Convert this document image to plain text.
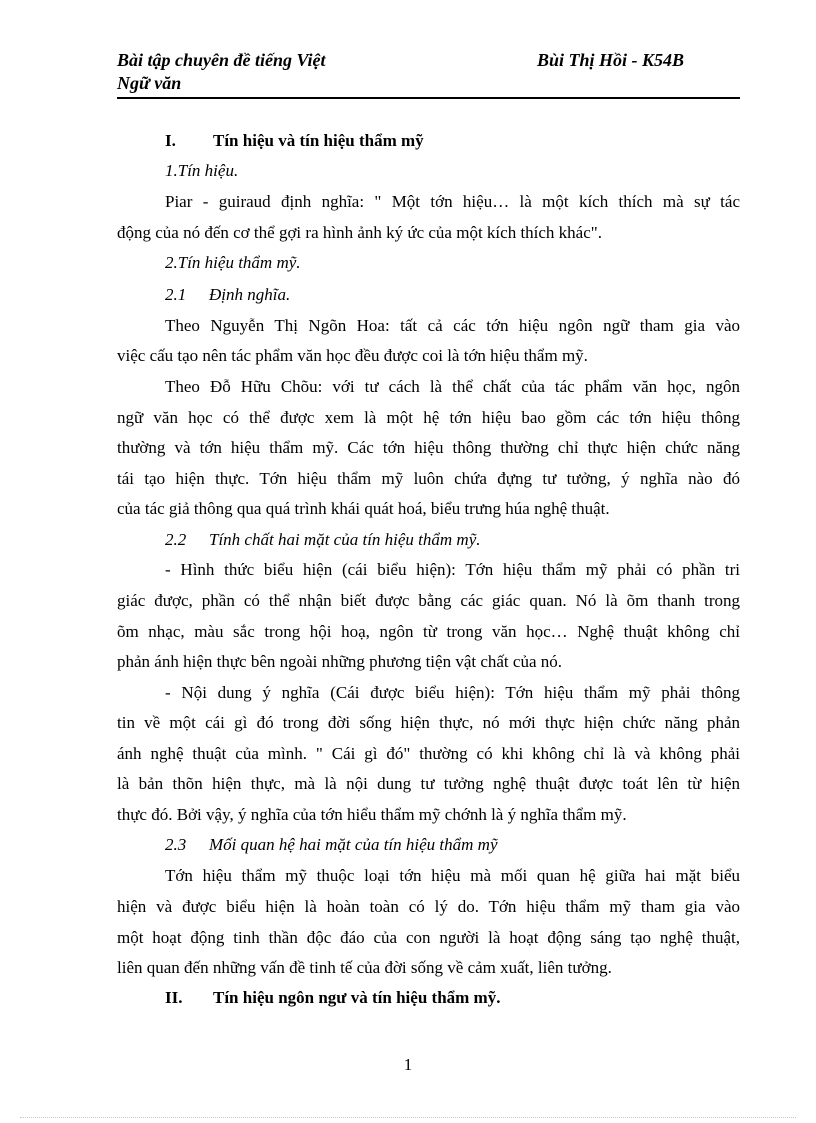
Bài tập chuyên đề tiếng Việt
Ngữ văn
Bùi Thị Hồi - K54B
I. Tín hiệu và tín hiệu thẩm mỹ
1.Tín hiệu.
Piar - guiraud định nghĩa: " Một tớn hiệu… là một kích thích mà sự tác
động của nó đến cơ thể gợi ra hình ảnh ký ức của một kích thích khác".
2.Tín hiệu thẩm mỹ.
2.1 Định nghĩa.
Theo Nguyễn Thị Ngõn Hoa: tất cả các tớn hiệu ngôn ngữ tham gia vào
việc cấu tạo nên tác phẩm văn học đều được coi là tớn hiệu thẩm mỹ.
Theo Đỗ Hữu Chõu: với tư cách là thể chất của tác phẩm văn học, ngôn
ngữ văn học có thể được xem là một hệ tớn hiệu bao gồm các tớn hiệu thông
thường và tớn hiệu thẩm mỹ. Các tớn hiệu thông thường chỉ thực hiện chức năng
tái tạo hiện thực. Tớn hiệu thẩm mỹ luôn chứa đựng tư tưởng, ý nghĩa nào đó
của tác giả thông qua quá trình khái quát hoá, biểu trưng húa nghệ thuật.
2.2 Tính chất hai mặt của tín hiệu thẩm mỹ.
- Hình thức biểu hiện (cái biểu hiện): Tớn hiệu thẩm mỹ phải có phần tri
giác được, phần có thể nhận biết được bằng các giác quan. Nó là õm thanh trong
õm nhạc, màu sắc trong hội hoạ, ngôn từ trong văn học… Nghệ thuật không chỉ
phản ánh hiện thực bên ngoài những phương tiện vật chất của nó.
- Nội dung ý nghĩa (Cái được biểu hiện): Tớn hiệu thẩm mỹ phải thông
tin về một cái gì đó trong đời sống hiện thực, nó mới thực hiện chức năng phản
ánh nghệ thuật của mình. " Cái gì đó" thường có khi không chỉ là và không phải
là bản thõn hiện thực, mà là nội dung tư tưởng nghệ thuật được toát lên từ hiện
thực đó. Bởi vậy, ý nghĩa của tớn hiểu thẩm mỹ chớnh là ý nghĩa thẩm mỹ.
2.3 Mối quan hệ hai mặt của tín hiệu thẩm mỹ
Tớn hiệu thẩm mỹ thuộc loại tớn hiệu mà mối quan hệ giữa hai mặt biểu
hiện và được biểu hiện là hoàn toàn có lý do. Tớn hiệu thẩm mỹ tham gia vào
một hoạt động tinh thần độc đáo của con người là hoạt động sáng tạo nghệ thuật,
liên quan đến những vấn đề tinh tế của đời sống về cảm xuất, liên tưởng.
II. Tín hiệu ngôn ngư và tín hiệu thẩm mỹ.
1
